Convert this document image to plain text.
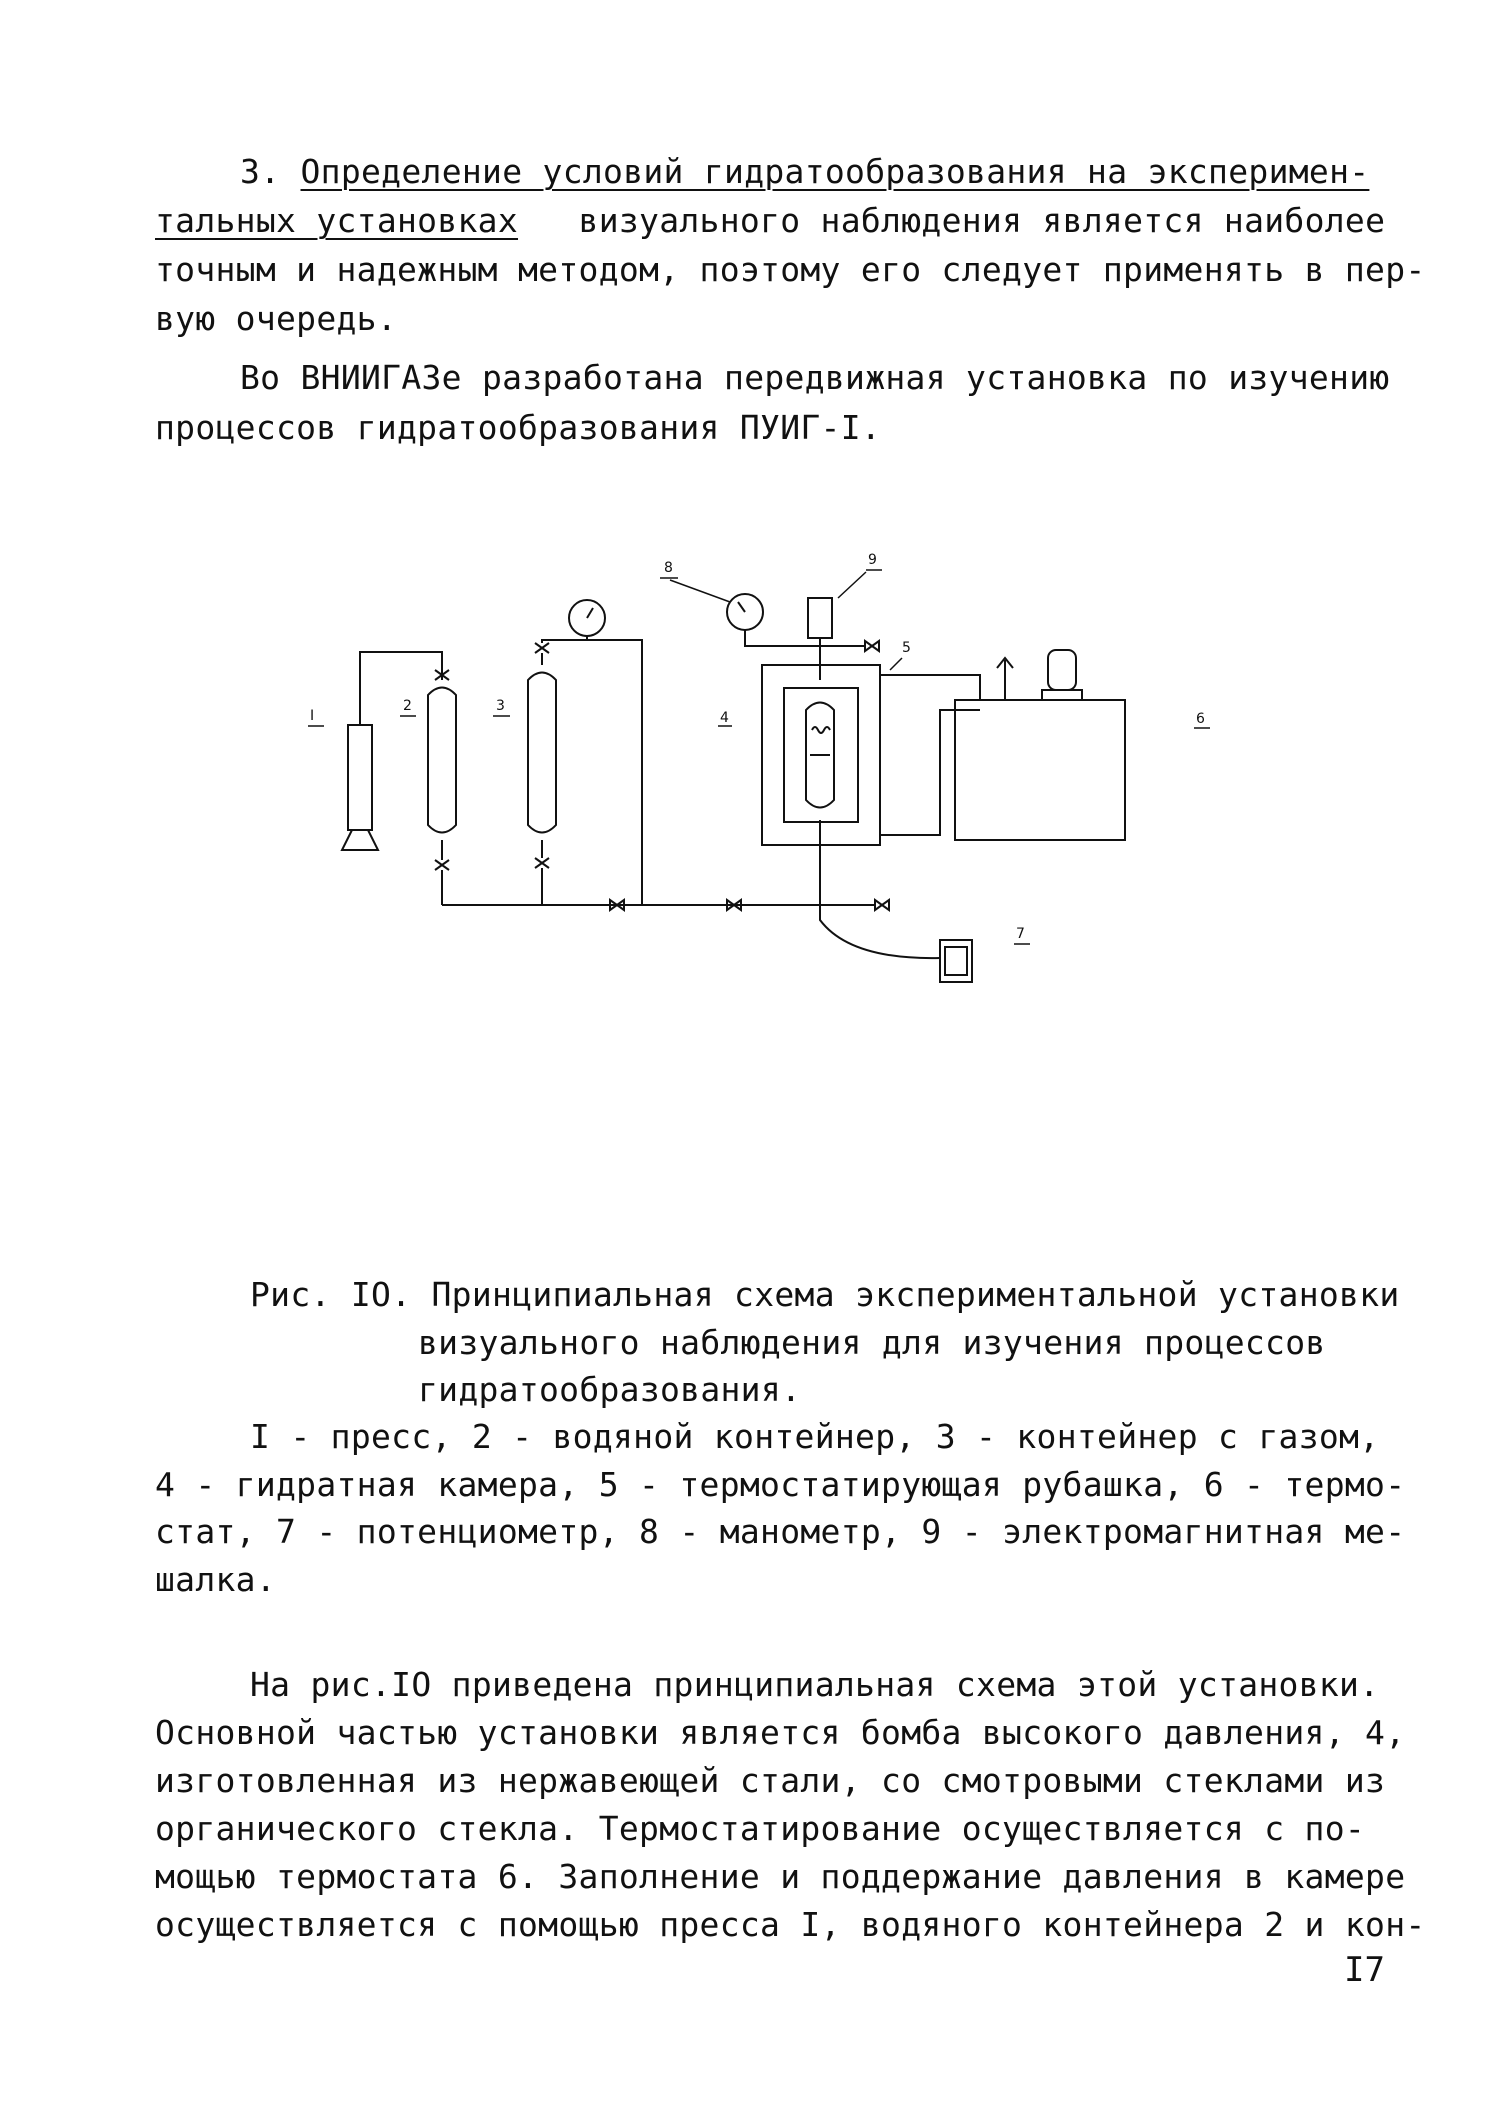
3. Определение условий гидратообразования на эксперимен-
тальных установках визуального наблюдения является наиболее
точным и надежным методом, поэтому его следует применять в пер-
вую очередь.
Во ВНИИГАЗе разработана передвижная установка по изучению
процессов гидратообразования ПУИГ-I.
I
2	3
4
5
6
7
8	9
Рис. IO. Принципиальная схема экспериментальной установки
визуального наблюдения для изучения процессов
гидратообразования.
I - пресс, 2 - водяной контейнер, 3 - контейнер с газом,
4 - гидратная камера, 5 - термостатирующая рубашка, 6 - термо-
стат, 7 - потенциометр, 8 - манометр, 9 - электромагнитная ме-
шалка.
На рис.IO приведена принципиальная схема этой установки.
Основной частью установки является бомба высокого давления, 4,
изготовленная из нержавеющей стали, со смотровыми стеклами из
органического стекла. Термостатирование осуществляется с по-
мощью термостата 6. Заполнение и поддержание давления в камере
осуществляется с помощью пресса I, водяного контейнера 2 и кон-
I7
